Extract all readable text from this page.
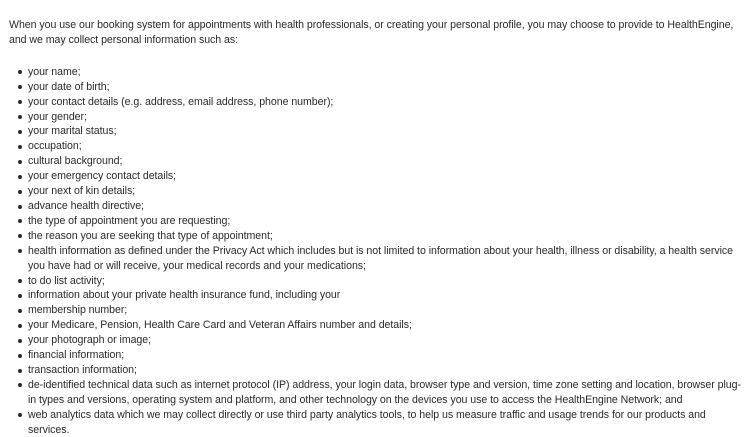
When you use our booking system for appointments with health professionals, or creating your personal profile, you may choose to provide to HealthEngine, and we may collect personal information such as:

your name;
your date of birth;
your contact details (e.g. address, email address, phone number);
your gender;
your marital status;
occupation;
cultural background;
your emergency contact details;
your next of kin details;
advance health directive;
the type of appointment you are requesting;
the reason you are seeking that type of appointment;
health information as defined under the Privacy Act which includes but is not limited to information about your health, illness or disability, a health service you have had or will receive, your medical records and your medications;
to do list activity;
information about your private health insurance fund, including your
membership number;
your Medicare, Pension, Health Care Card and Veteran Affairs number and details;
your photograph or image;
financial information;
transaction information;
de-identified technical data such as internet protocol (IP) address, your login data, browser type and version, time zone setting and location, browser plug-in types and versions, operating system and platform, and other technology on the devices you use to access the HealthEngine Network; and
web analytics data which we may collect directly or use third party analytics tools, to help us measure traffic and usage trends for our products and services.
